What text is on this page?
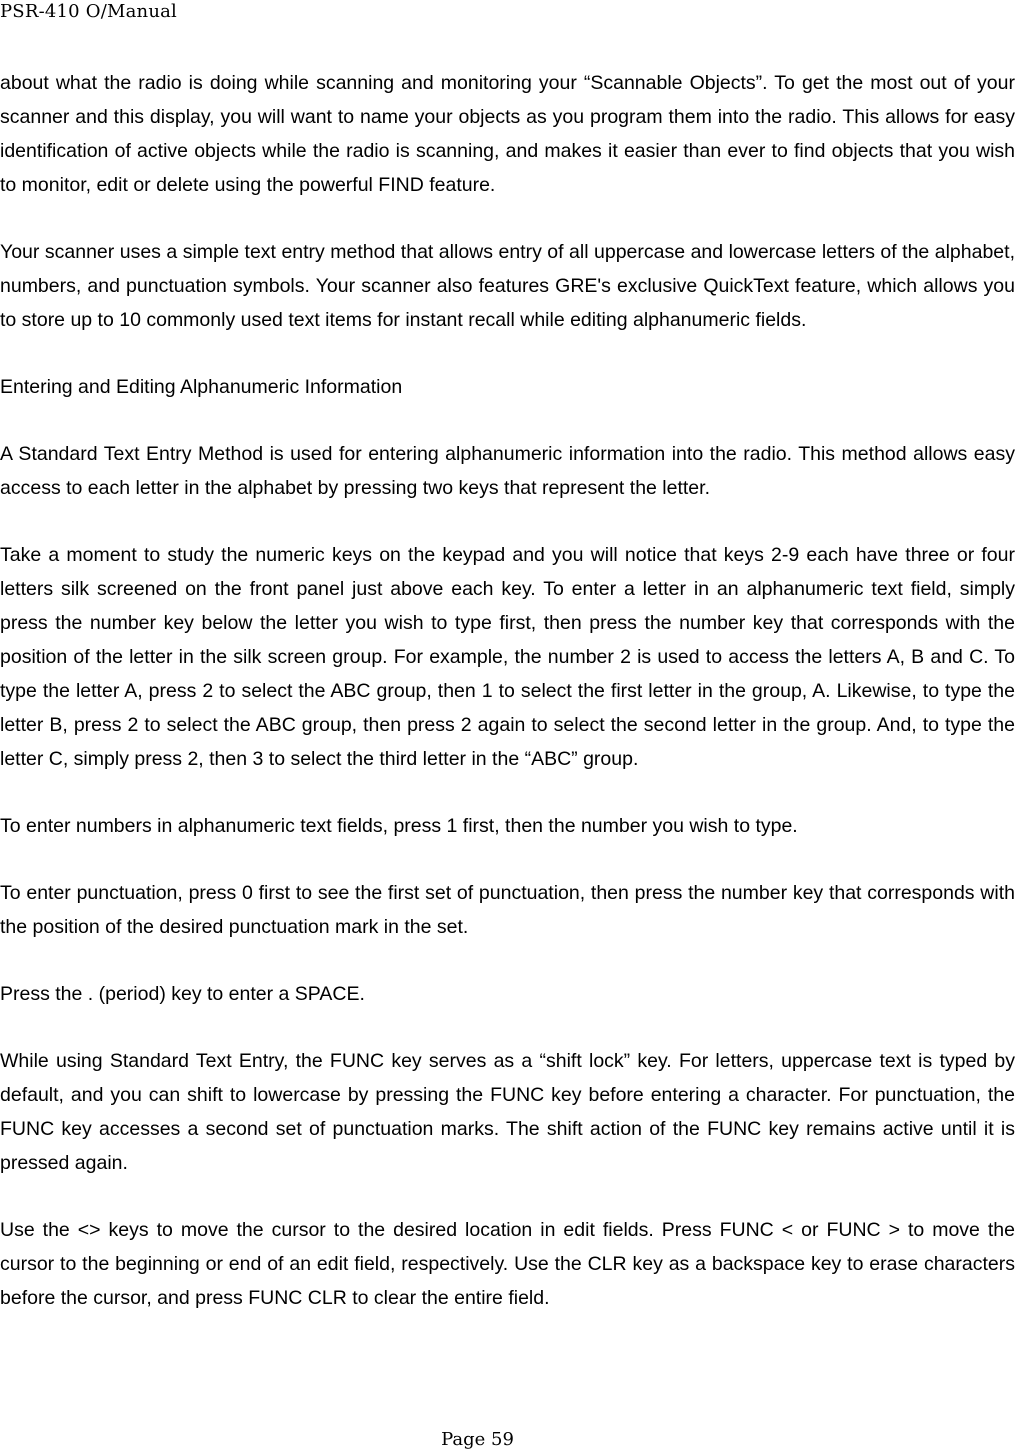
PSR-410 O/Manual

about what the radio is doing while scanning and monitoring your “Scannable Objects”. To get the most out of your scanner and this display, you will want to name your objects as you program them into the radio. This allows for easy identification of active objects while the radio is scanning, and makes it easier than ever to find objects that you wish to monitor, edit or delete using the powerful FIND feature.

Your scanner uses a simple text entry method that allows entry of all uppercase and lowercase letters of the alphabet, numbers, and punctuation symbols. Your scanner also features GRE's exclusive QuickText feature, which allows you to store up to 10 commonly used text items for instant recall while editing alphanumeric fields.

Entering and Editing Alphanumeric Information

A Standard Text Entry Method is used for entering alphanumeric information into the radio. This method allows easy access to each letter in the alphabet by pressing two keys that represent the letter.

Take a moment to study the numeric keys on the keypad and you will notice that keys 2-9 each have three or four letters silk screened on the front panel just above each key. To enter a letter in an alphanumeric text field, simply press the number key below the letter you wish to type first, then press the number key that corresponds with the position of the letter in the silk screen group. For example, the number 2 is used to access the letters A, B and C. To type the letter A, press 2 to select the ABC group, then 1 to select the first letter in the group, A. Likewise, to type the letter B, press 2 to select the ABC group, then press 2 again to select the second letter in the group. And, to type the letter C, simply press 2, then 3 to select the third letter in the “ABC” group.

To enter numbers in alphanumeric text fields, press 1 first, then the number you wish to type.

To enter punctuation, press 0 first to see the first set of punctuation, then press the number key that corresponds with the position of the desired punctuation mark in the set.

Press the . (period) key to enter a SPACE.

While using Standard Text Entry, the FUNC key serves as a “shift lock” key. For letters, uppercase text is typed by default, and you can shift to lowercase by pressing the FUNC key before entering a character. For punctuation, the FUNC key accesses a second set of punctuation marks. The shift action of the FUNC key remains active until it is pressed again.

Use the <> keys to move the cursor to the desired location in edit fields. Press FUNC < or FUNC > to move the cursor to the beginning or end of an edit field, respectively. Use the CLR key as a backspace key to erase characters before the cursor, and press FUNC CLR to clear the entire field.

Page 59
